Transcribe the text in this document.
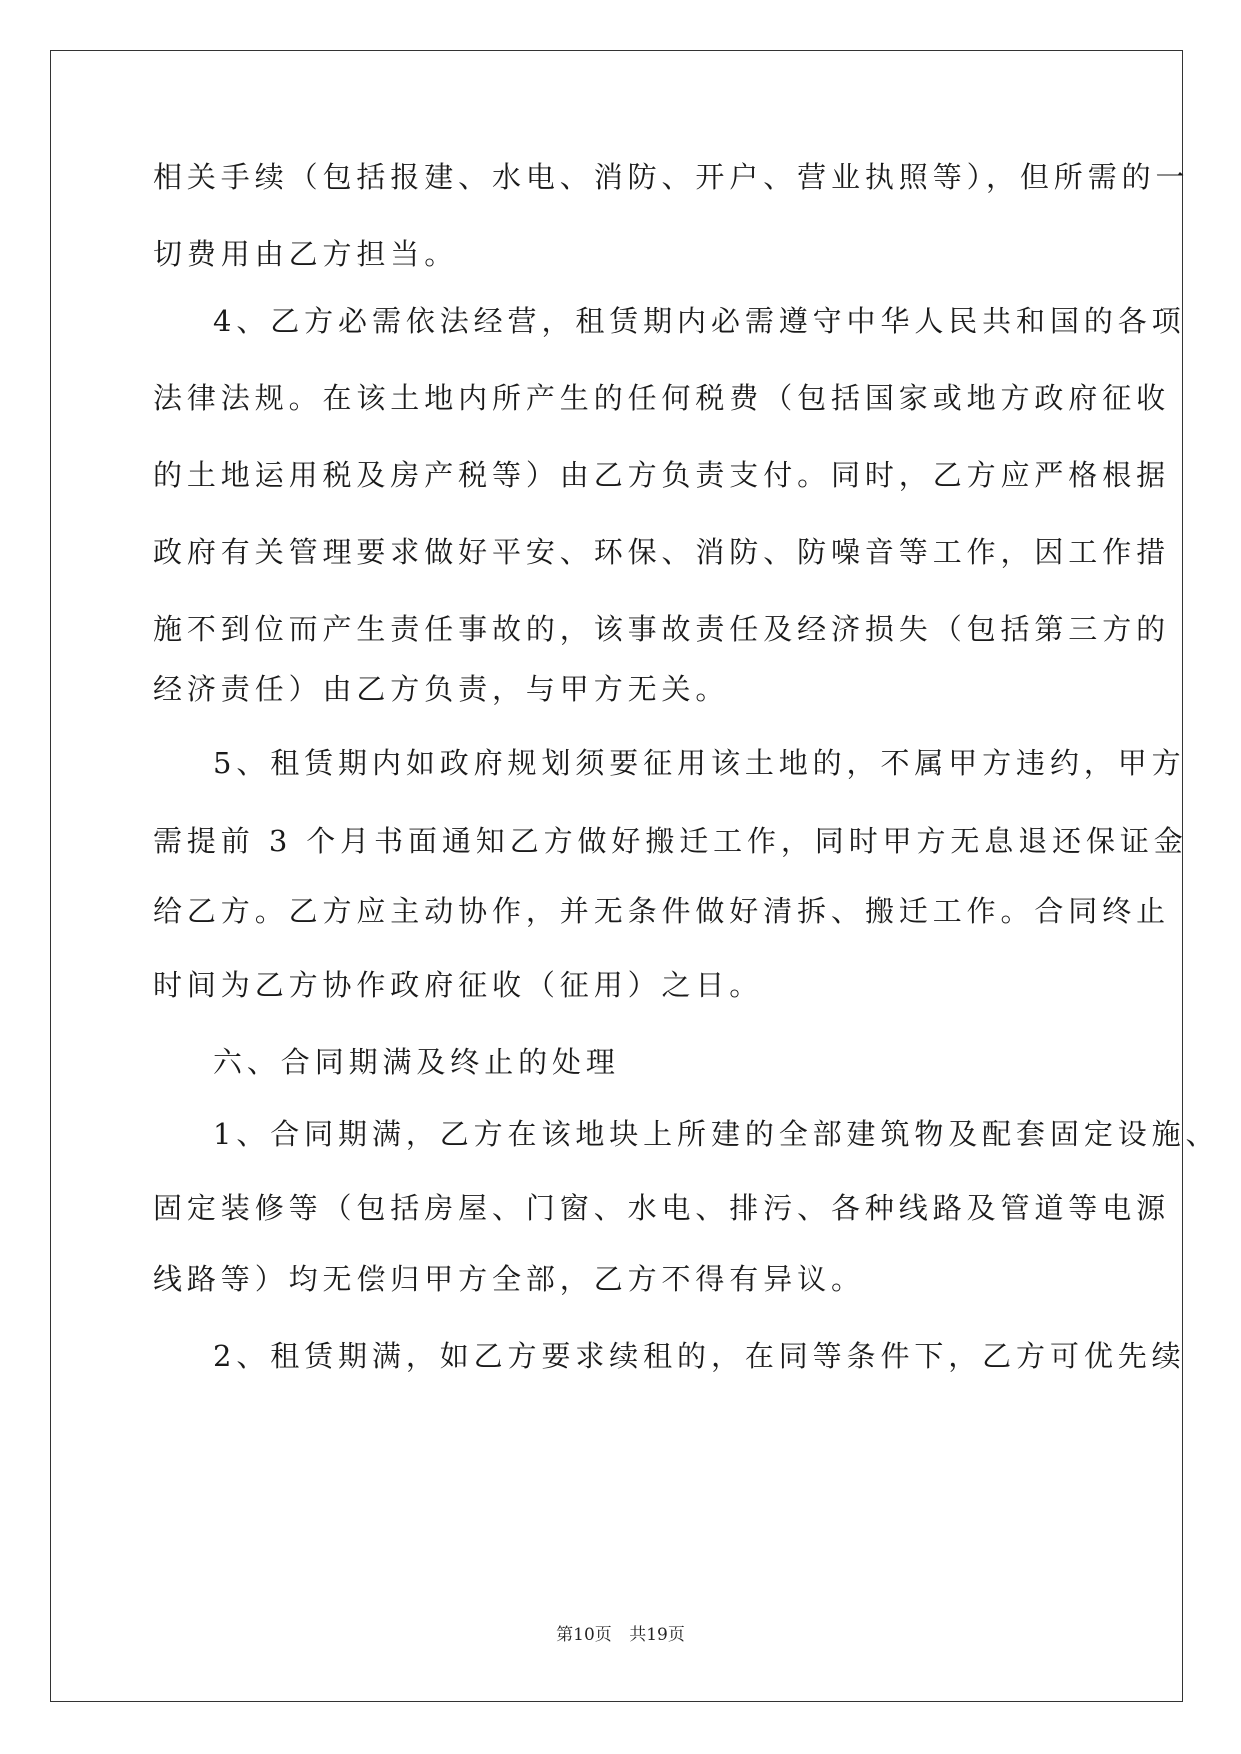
相关手续（包括报建、水电、消防、开户、营业执照等），但所需的一
切费用由乙方担当。
4、乙方必需依法经营，租赁期内必需遵守中华人民共和国的各项
法律法规。在该土地内所产生的任何税费（包括国家或地方政府征收
的土地运用税及房产税等）由乙方负责支付。同时，乙方应严格根据
政府有关管理要求做好平安、环保、消防、防噪音等工作，因工作措
施不到位而产生责任事故的，该事故责任及经济损失（包括第三方的
经济责任）由乙方负责，与甲方无关。
5、租赁期内如政府规划须要征用该土地的，不属甲方违约，甲方
需提前 3 个月书面通知乙方做好搬迁工作，同时甲方无息退还保证金
给乙方。乙方应主动协作，并无条件做好清拆、搬迁工作。合同终止
时间为乙方协作政府征收（征用）之日。
六、合同期满及终止的处理
1、合同期满，乙方在该地块上所建的全部建筑物及配套固定设施、
固定装修等（包括房屋、门窗、水电、排污、各种线路及管道等电源
线路等）均无偿归甲方全部，乙方不得有异议。
2、租赁期满，如乙方要求续租的，在同等条件下，乙方可优先续
第10页 共19页
